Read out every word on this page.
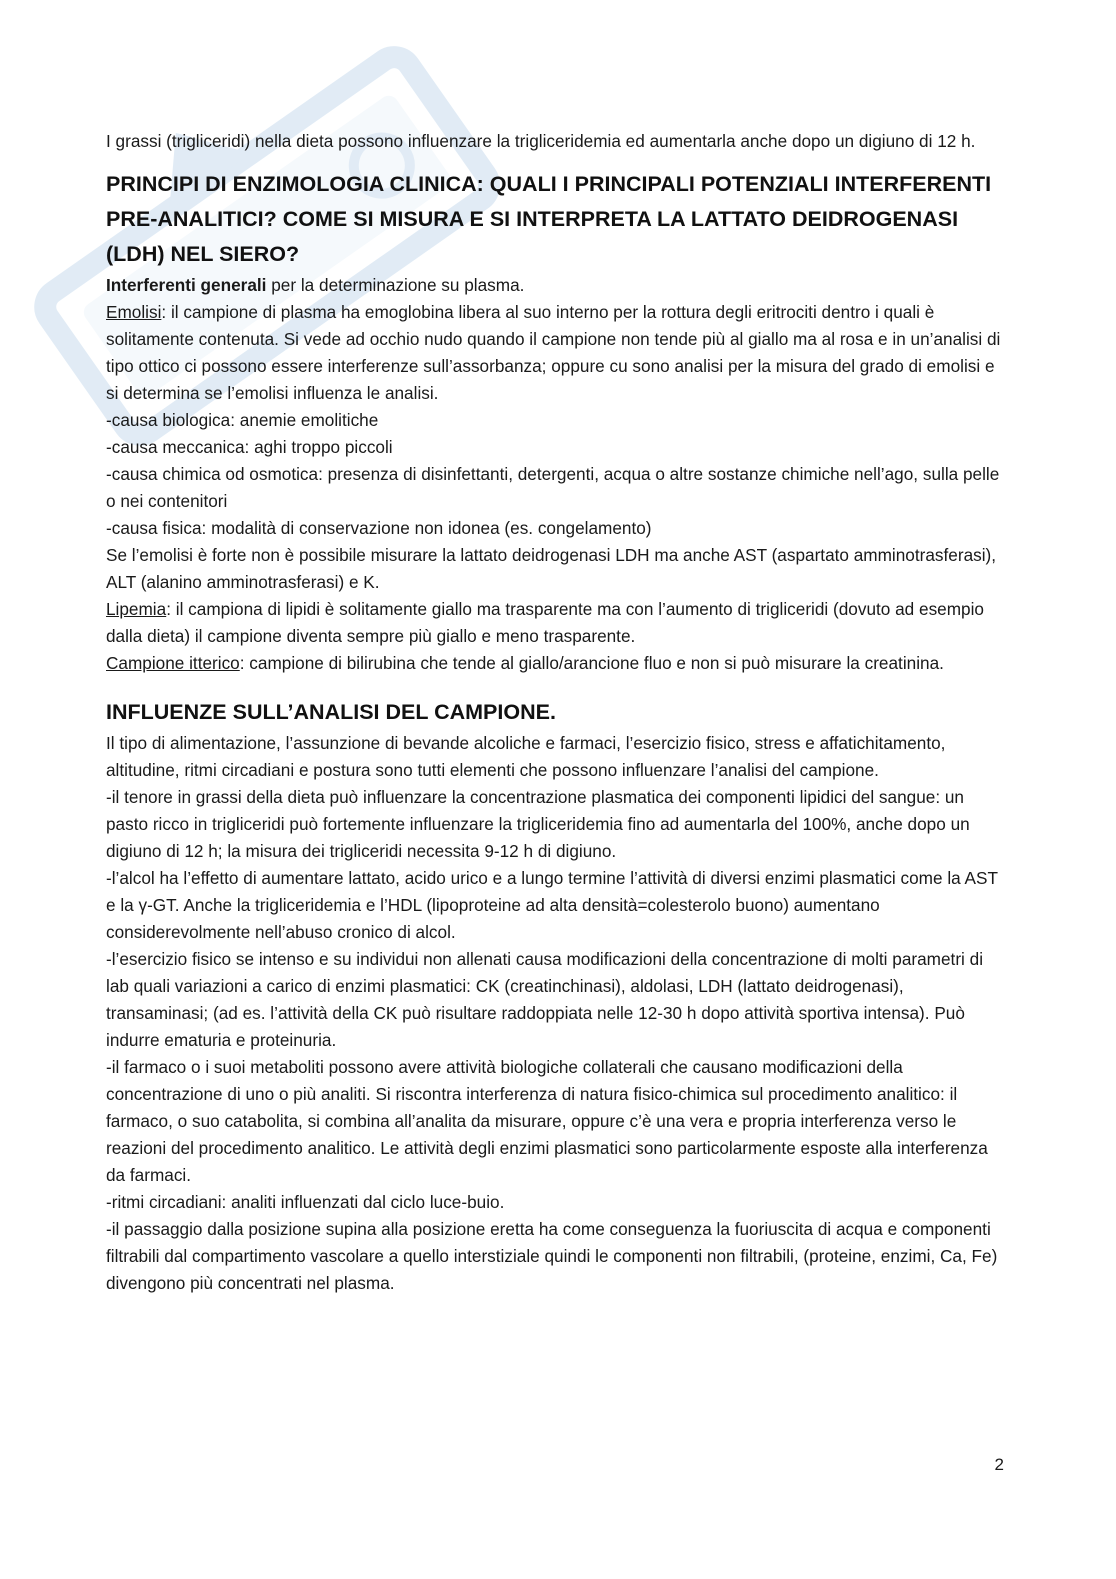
I grassi (trigliceridi) nella dieta possono influenzare la trigliceridemia ed aumentarla anche dopo un digiuno di 12 h.

PRINCIPI DI ENZIMOLOGIA CLINICA: QUALI I PRINCIPALI POTENZIALI INTERFERENTI PRE-ANALITICI? COME SI MISURA E SI INTERPRETA LA LATTATO DEIDROGENASI (LDH) NEL SIERO?

Interferenti generali per la determinazione su plasma.

Emolisi: il campione di plasma ha emoglobina libera al suo interno per la rottura degli eritrociti dentro i quali è solitamente contenuta. Si vede ad occhio nudo quando il campione non tende più al giallo ma al rosa e in un’analisi di tipo ottico ci possono essere interferenze sull’assorbanza; oppure cu sono analisi per la misura del grado di emolisi e si determina se l’emolisi influenza le analisi.

-causa biologica: anemie emolitiche

-causa meccanica: aghi troppo piccoli

-causa chimica od osmotica: presenza di disinfettanti, detergenti, acqua o altre sostanze chimiche nell’ago, sulla pelle o nei contenitori

-causa fisica: modalità di conservazione non idonea (es. congelamento)

Se l’emolisi è forte non è possibile misurare la lattato deidrogenasi LDH ma anche AST (aspartato amminotrasferasi), ALT (alanino amminotrasferasi) e K.

Lipemia: il campiona di lipidi è solitamente giallo ma trasparente ma con l’aumento di trigliceridi (dovuto ad esempio dalla dieta) il campione diventa sempre più giallo e meno trasparente.

Campione itterico: campione di bilirubina che tende al giallo/arancione fluo e non si può misurare la creatinina.

INFLUENZE SULL’ANALISI DEL CAMPIONE.

Il tipo di alimentazione, l’assunzione di bevande alcoliche e farmaci, l’esercizio fisico, stress e affatichitamento, altitudine, ritmi circadiani e postura sono tutti elementi che possono influenzare l’analisi del campione.

-il tenore in grassi della dieta può influenzare la concentrazione plasmatica dei componenti lipidici del sangue: un pasto ricco in trigliceridi può fortemente influenzare la trigliceridemia fino ad aumentarla del 100%, anche dopo un digiuno di 12 h; la misura dei trigliceridi necessita 9-12 h di digiuno.

-l’alcol ha l’effetto di aumentare lattato, acido urico e a lungo termine l’attività di diversi enzimi plasmatici come la AST e la γ-GT. Anche la trigliceridemia e l’HDL (lipoproteine ad alta densità=colesterolo buono) aumentano considerevolmente nell’abuso cronico di alcol.

-l’esercizio fisico se intenso e su individui non allenati causa modificazioni della concentrazione di molti parametri di lab quali variazioni a carico di enzimi plasmatici: CK (creatinchinasi), aldolasi, LDH (lattato deidrogenasi), transaminasi; (ad es. l’attività della CK può risultare raddoppiata nelle 12-30 h dopo attività sportiva intensa). Può indurre ematuria e proteinuria.

-il farmaco o i suoi metaboliti possono avere attività biologiche collaterali che causano modificazioni della concentrazione di uno o più analiti. Si riscontra interferenza di natura fisico-chimica sul procedimento analitico: il farmaco, o suo catabolita, si combina all’analita da misurare, oppure c’è una vera e propria interferenza verso le reazioni del procedimento analitico. Le attività degli enzimi plasmatici sono particolarmente esposte alla interferenza da farmaci.

-ritmi circadiani: analiti influenzati dal ciclo luce-buio.

-il passaggio dalla posizione supina alla posizione eretta ha come conseguenza la fuoriuscita di acqua e componenti filtrabili dal compartimento vascolare a quello interstiziale quindi le componenti non filtrabili, (proteine, enzimi, Ca, Fe) divengono più concentrati nel plasma.

2
